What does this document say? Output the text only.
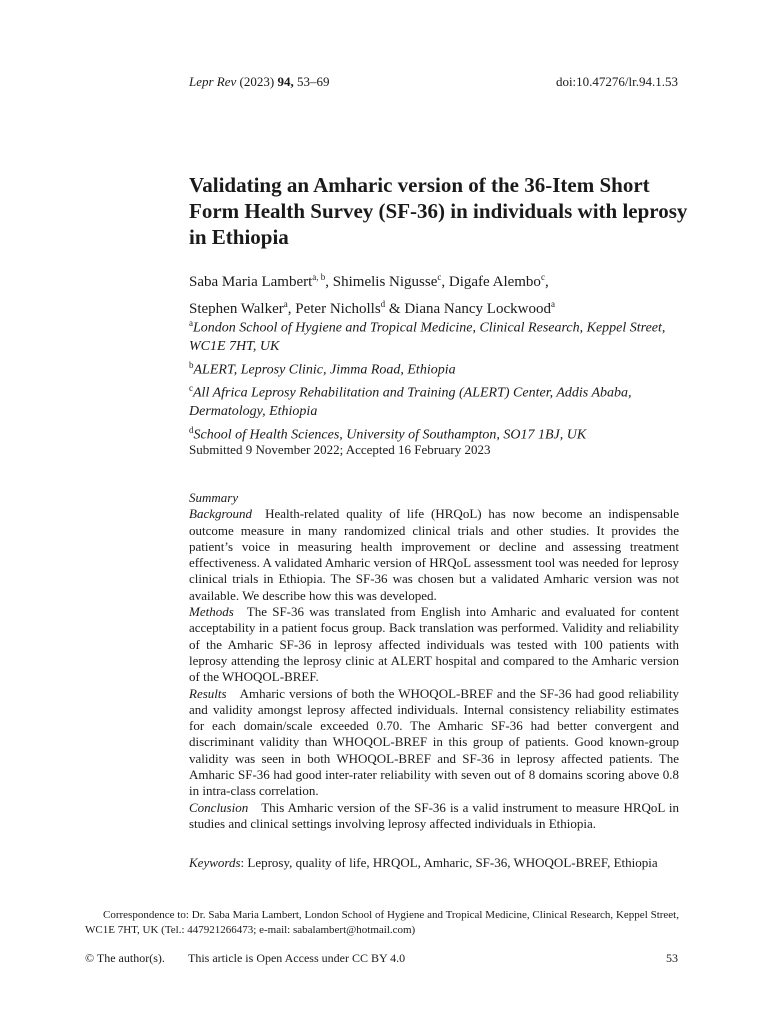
Lepr Rev (2023) 94, 53–69	doi:10.47276/lr.94.1.53
Validating an Amharic version of the 36-Item Short Form Health Survey (SF-36) in individuals with leprosy in Ethiopia
Saba Maria Lambert$^{a, b}$, Shimelis Nigusse$^c$, Digafe Alembo$^c$,
Stephen Walker$^a$, Peter Nicholls$^d$ & Diana Nancy Lockwood$^a$
$^a$London School of Hygiene and Tropical Medicine, Clinical Research, Keppel Street, WC1E 7HT, UK
$^b$ALERT, Leprosy Clinic, Jimma Road, Ethiopia
$^c$All Africa Leprosy Rehabilitation and Training (ALERT) Center, Addis Ababa, Dermatology, Ethiopia
$^d$School of Health Sciences, University of Southampton, SO17 1BJ, UK
Submitted 9 November 2022; Accepted 16 February 2023

Summary

Background  Health-related quality of life (HRQoL) has now become an indispensable outcome measure in many randomized clinical trials and other studies. It provides the patient’s voice in measuring health improvement or decline and assessing treatment effectiveness. A validated Amharic version of HRQoL assessment tool was needed for leprosy clinical trials in Ethiopia. The SF-36 was chosen but a validated Amharic version was not available. We describe how this was developed.

Methods  The SF-36 was translated from English into Amharic and evaluated for content acceptability in a patient focus group. Back translation was performed. Validity and reliability of the Amharic SF-36 in leprosy affected individuals was tested with 100 patients with leprosy attending the leprosy clinic at ALERT hospital and compared to the Amharic version of the WHOQOL-BREF.

Results  Amharic versions of both the WHOQOL-BREF and the SF-36 had good reliability and validity amongst leprosy affected individuals. Internal consistency reliability estimates for each domain/scale exceeded 0.70. The Amharic SF-36 had better convergent and discriminant validity than WHOQOL-BREF in this group of patients. Good known-group validity was seen in both WHOQOL-BREF and SF-36 in leprosy affected patients. The Amharic SF-36 had good inter-rater reliability with seven out of 8 domains scoring above 0.8 in intra-class correlation.

Conclusion  This Amharic version of the SF-36 is a valid instrument to measure HRQoL in studies and clinical settings involving leprosy affected individuals in Ethiopia.

Keywords: Leprosy, quality of life, HRQOL, Amharic, SF-36, WHOQOL-BREF, Ethiopia
Correspondence to: Dr. Saba Maria Lambert, London School of Hygiene and Tropical Medicine, Clinical Research, Keppel Street, WC1E 7HT, UK (Tel.: 447921266473; e-mail: sabalambert@hotmail.com)
© The author(s). This article is Open Access under CC BY 4.0	53
